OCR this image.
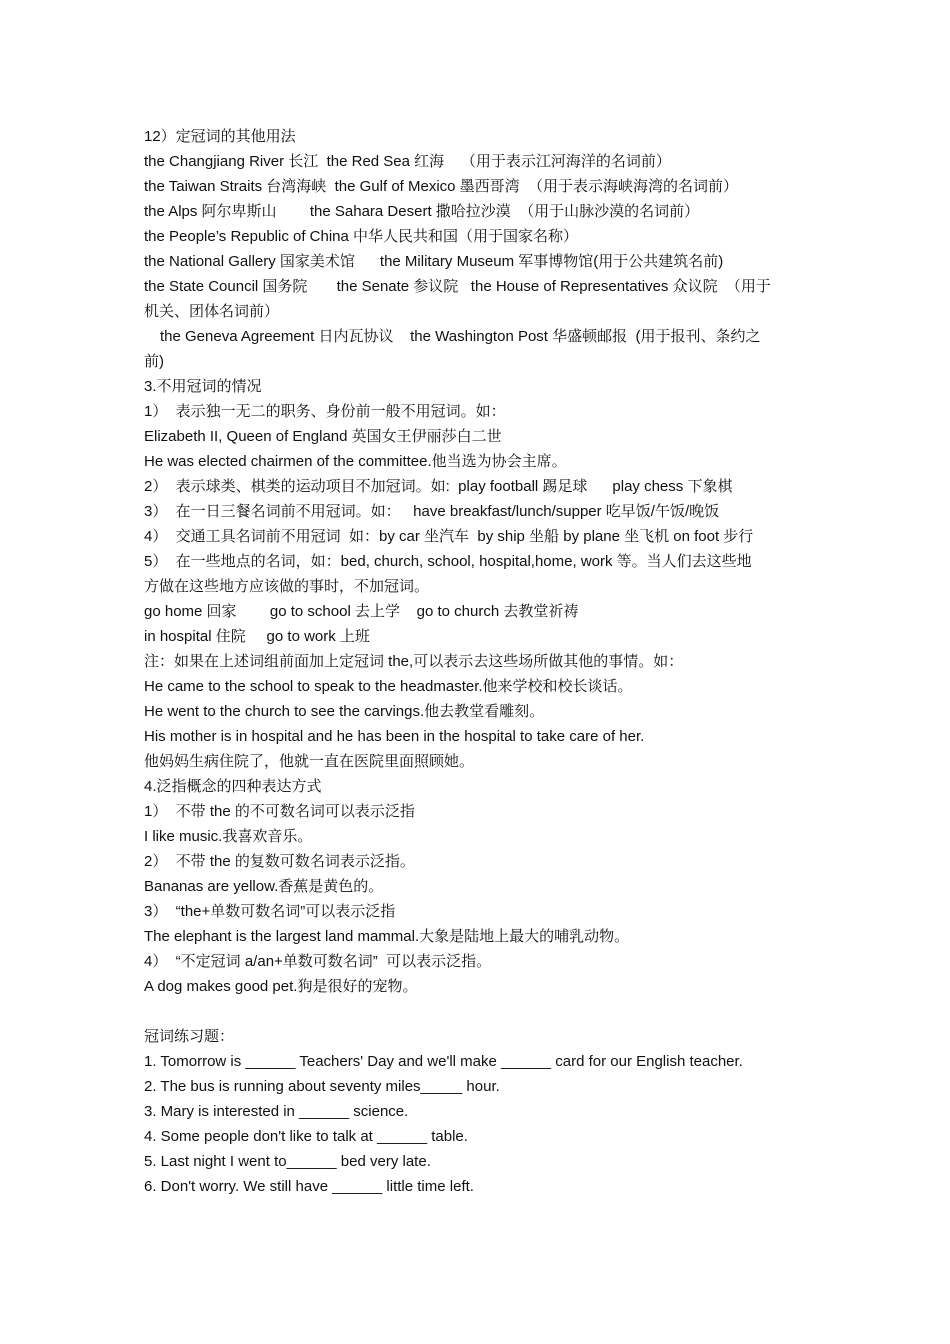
12）定冠词的其他用法
the Changjiang River 长江  the Red Sea 红海    （用于表示江河海洋的名词前）
the Taiwan Straits 台湾海峡  the Gulf of Mexico 墨西哥湾  （用于表示海峡海湾的名词前）
the Alps 阿尔卑斯山        the Sahara Desert 撒哈拉沙漠  （用于山脉沙漠的名词前）
the People’s Republic of China 中华人民共和国（用于国家名称）
the National Gallery 国家美术馆      the Military Museum 军事博物馆(用于公共建筑名前)
the State Council 国务院       the Senate 参议院   the House of Representatives 众议院  （用于
机关、团体名词前）
the Geneva Agreement 日内瓦协议    the Washington Post 华盛顿邮报  (用于报刊、条约之
前)
3.不用冠词的情况
1）  表示独一无二的职务、身份前一般不用冠词。如：
Elizabeth II, Queen of England 英国女王伊丽莎白二世
He was elected chairmen of the committee.他当选为协会主席。
2）  表示球类、棋类的运动项目不加冠词。如:  play football 踢足球      play chess 下象棋
3）  在一日三餐名词前不用冠词。如：   have breakfast/lunch/supper 吃早饭/午饭/晚饭
4）  交通工具名词前不用冠词  如：by car 坐汽车  by ship 坐船 by plane 坐飞机 on foot 步行
5）  在一些地点的名词，如：bed, church, school, hospital,home, work 等。当人们去这些地
方做在这些地方应该做的事时，不加冠词。
go home 回家        go to school 去上学    go to church 去教堂祈祷
in hospital 住院     go to work 上班
注：如果在上述词组前面加上定冠词 the,可以表示去这些场所做其他的事情。如：
He came to the school to speak to the headmaster.他来学校和校长谈话。
He went to the church to see the carvings.他去教堂看雕刻。
His mother is in hospital and he has been in the hospital to take care of her.
他妈妈生病住院了，他就一直在医院里面照顾她。
4.泛指概念的四种表达方式
1）  不带 the 的不可数名词可以表示泛指
I like music.我喜欢音乐。
2）  不带 the 的复数可数名词表示泛指。
Bananas are yellow.香蕉是黄色的。
3）  “the+单数可数名词”可以表示泛指
The elephant is the largest land mammal.大象是陆地上最大的哺乳动物。
4）  “不定冠词 a/an+单数可数名词”  可以表示泛指。
A dog makes good pet.狗是很好的宠物。
冠词练习题：
1. Tomorrow is ______ Teachers' Day and we'll make ______ card for our English teacher.
2. The bus is running about seventy miles_____ hour.
3. Mary is interested in ______ science.
4. Some people don't like to talk at ______ table.
5. Last night I went to______ bed very late.
6. Don't worry. We still have ______ little time left.
